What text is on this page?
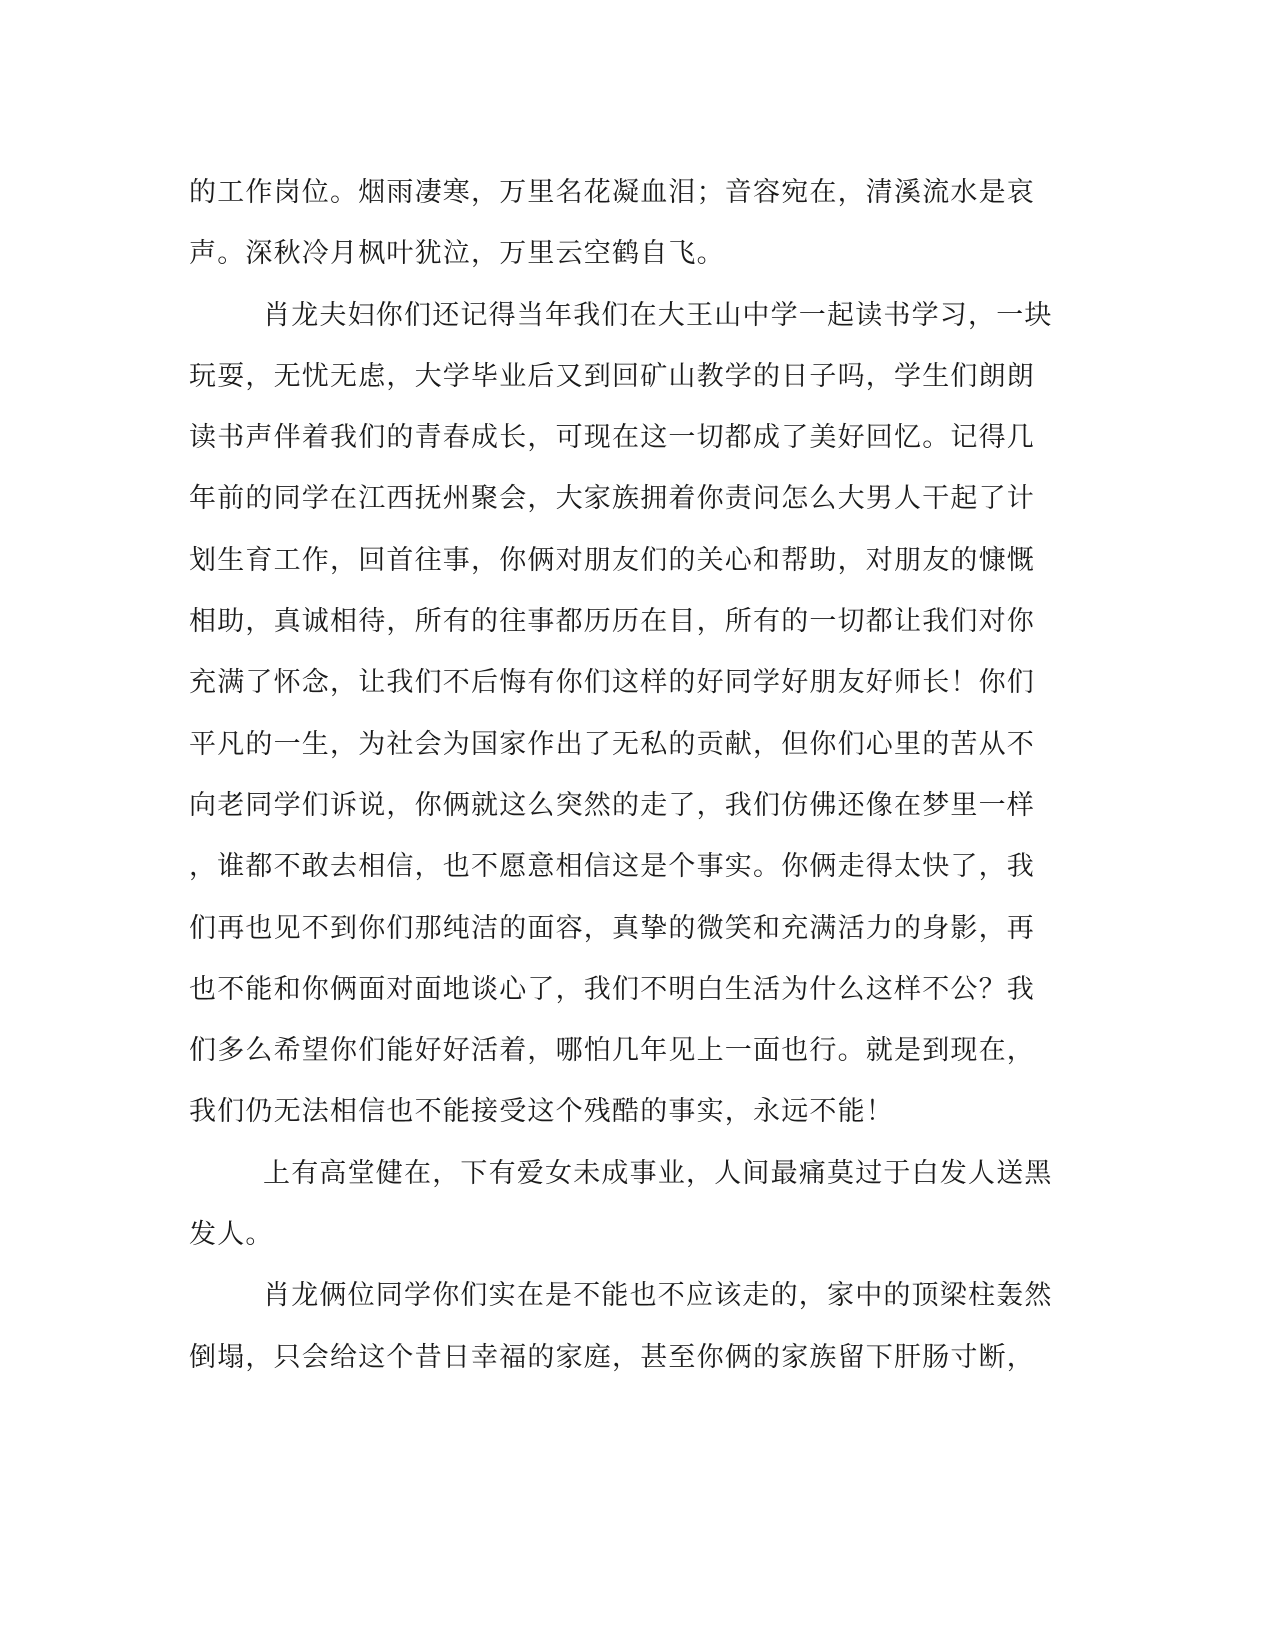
的工作岗位。烟雨凄寒，万里名花凝血泪；音容宛在，清溪流水是哀
声。深秋冷月枫叶犹泣，万里云空鹤自飞。
肖龙夫妇你们还记得当年我们在大王山中学一起读书学习，一块
玩耍，无忧无虑，大学毕业后又到回矿山教学的日子吗，学生们朗朗
读书声伴着我们的青春成长，可现在这一切都成了美好回忆。记得几
年前的同学在江西抚州聚会，大家族拥着你责问怎么大男人干起了计
划生育工作，回首往事，你俩对朋友们的关心和帮助，对朋友的慷慨
相助，真诚相待，所有的往事都历历在目，所有的一切都让我们对你
充满了怀念，让我们不后悔有你们这样的好同学好朋友好师长！你们
平凡的一生，为社会为国家作出了无私的贡献，但你们心里的苦从不
向老同学们诉说，你俩就这么突然的走了，我们仿佛还像在梦里一样
，谁都不敢去相信，也不愿意相信这是个事实。你俩走得太快了，我
们再也见不到你们那纯洁的面容，真挚的微笑和充满活力的身影，再
也不能和你俩面对面地谈心了，我们不明白生活为什么这样不公？我
们多么希望你们能好好活着，哪怕几年见上一面也行。就是到现在，
我们仍无法相信也不能接受这个残酷的事实，永远不能！
上有高堂健在，下有爱女未成事业，人间最痛莫过于白发人送黑
发人。
肖龙俩位同学你们实在是不能也不应该走的，家中的顶梁柱轰然
倒塌，只会给这个昔日幸福的家庭，甚至你俩的家族留下肝肠寸断，
